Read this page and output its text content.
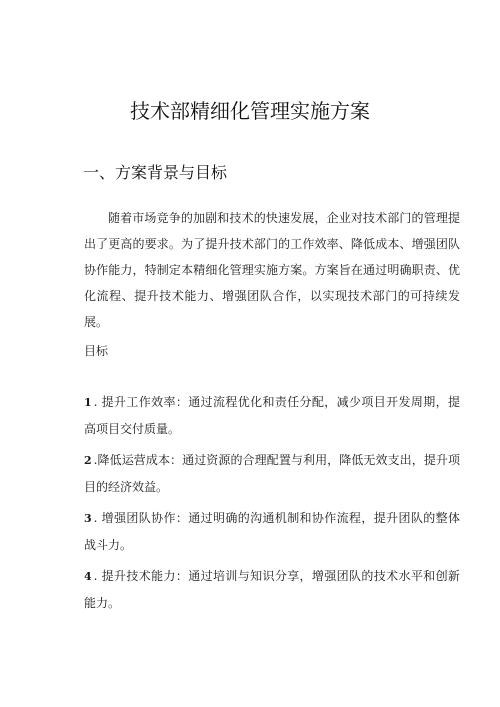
技术部精细化管理实施方案
一、方案背景与目标

随着市场竞争的加剧和技术的快速发展，企业对技术部门的管理提出了更高的要求。为了提升技术部门的工作效率、降低成本、增强团队协作能力，特制定本精细化管理实施方案。方案旨在通过明确职责、优化流程、提升技术能力、增强团队合作，以实现技术部门的可持续发展。

目标

1 . 提升工作效率：通过流程优化和责任分配，减少项目开发周期，提高项目交付质量。
2 .降低运营成本：通过资源的合理配置与利用，降低无效支出，提升项目的经济效益。
3 . 增强团队协作：通过明确的沟通机制和协作流程，提升团队的整体战斗力。
4 . 提升技术能力：通过培训与知识分享，增强团队的技术水平和创新能力。
